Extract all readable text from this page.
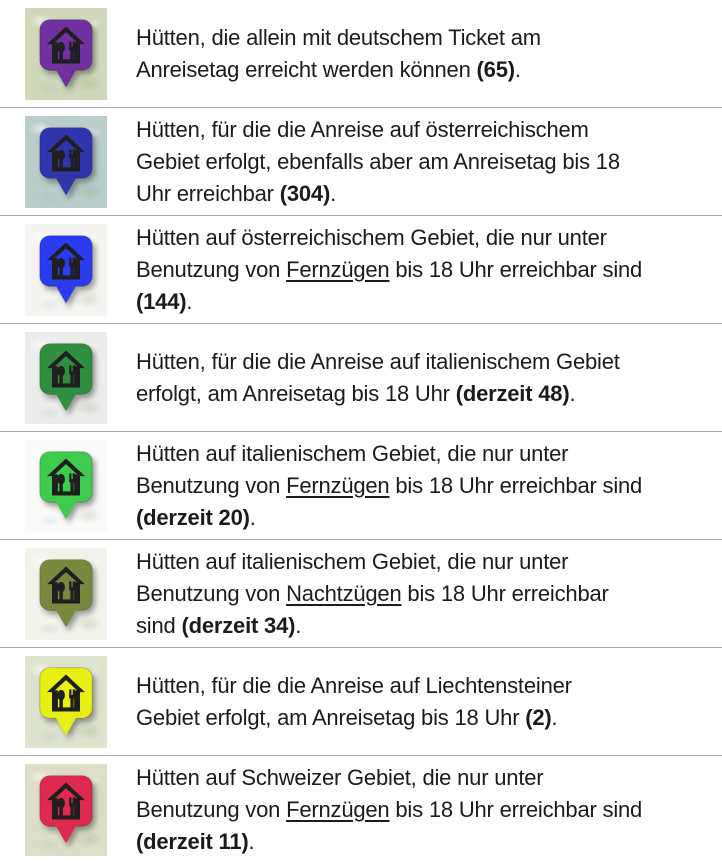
Hütten, die allein mit deutschem Ticket am
Anreisetag erreicht werden können (65).

Hütten, für die die Anreise auf österreichischem
Gebiet erfolgt, ebenfalls aber am Anreisetag bis 18
Uhr erreichbar (304).

Hütten auf österreichischem Gebiet, die nur unter
Benutzung von Fernzügen bis 18 Uhr erreichbar sind
(144).

Hütten, für die die Anreise auf italienischem Gebiet
erfolgt, am Anreisetag bis 18 Uhr (derzeit 48).

Hütten auf italienischem Gebiet, die nur unter
Benutzung von Fernzügen bis 18 Uhr erreichbar sind
(derzeit 20).

Hütten auf italienischem Gebiet, die nur unter
Benutzung von Nachtzügen bis 18 Uhr erreichbar
sind (derzeit 34).

Hütten, für die die Anreise auf Liechtensteiner
Gebiet erfolgt, am Anreisetag bis 18 Uhr (2).

Hütten auf Schweizer Gebiet, die nur unter
Benutzung von Fernzügen bis 18 Uhr erreichbar sind
(derzeit 11).
